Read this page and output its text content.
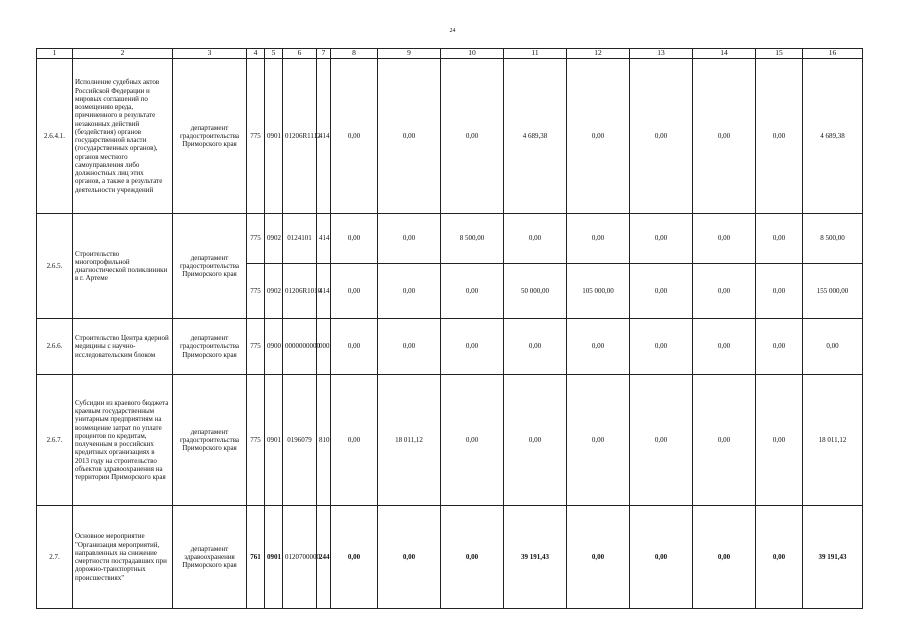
24
1	2	3	4	5	6	7	8	9	10	11	12	13	14	15	16
2.6.4.1.	Исполнение судебных актов Российской Федерации и мировых соглашений по возмещению вреда, причиненного в результате незаконных действий (бездействия) органов государственной власти (государственных органов), органов местного самоуправления либо должностных лиц этих органов, а также в результате деятельности учреждений	департамент градостроительства Приморского края	775	0901	01206R1112	414	0,00	0,00	0,00	4 689,38	0,00	0,00	0,00	0,00	4 689,38
2.6.5.	Строительство многопрофильной диагностической поликлиники в г. Артеме	департамент градостроительства Приморского края	775	0902	0124101	414	0,00	0,00	8 500,00	0,00	0,00	0,00	0,00	0,00	8 500,00
			775	0902	01206R1010	414	0,00	0,00	0,00	50 000,00	105 000,00	0,00	0,00	0,00	155 000,00
2.6.6.	Строительство Центра ядерной медицины с научно-исследовательским блоком	департамент градостроительства Приморского края	775	0900	0000000000	000	0,00	0,00	0,00	0,00	0,00	0,00	0,00	0,00	0,00
2.6.7.	Субсидии из краевого бюджета краевым государственным унитарным предприятиям на возмещение затрат по уплате процентов по кредитам, полученным в российских кредитных организациях в 2013 году на строительство объектов здравоохранения на территории Приморского края	департамент градостроительства Приморского края	775	0901	0196079	810	0,00	18 011,12	0,00	0,00	0,00	0,00	0,00	0,00	18 011,12
2.7.	Основное мероприятие "Организация мероприятий, направленных на снижение смертности пострадавших при дорожно-транспортных происшествиях"	департамент здравоохранения Приморского края	761	0901	0120700000	244	0,00	0,00	0,00	39 191,43	0,00	0,00	0,00	0,00	39 191,43
